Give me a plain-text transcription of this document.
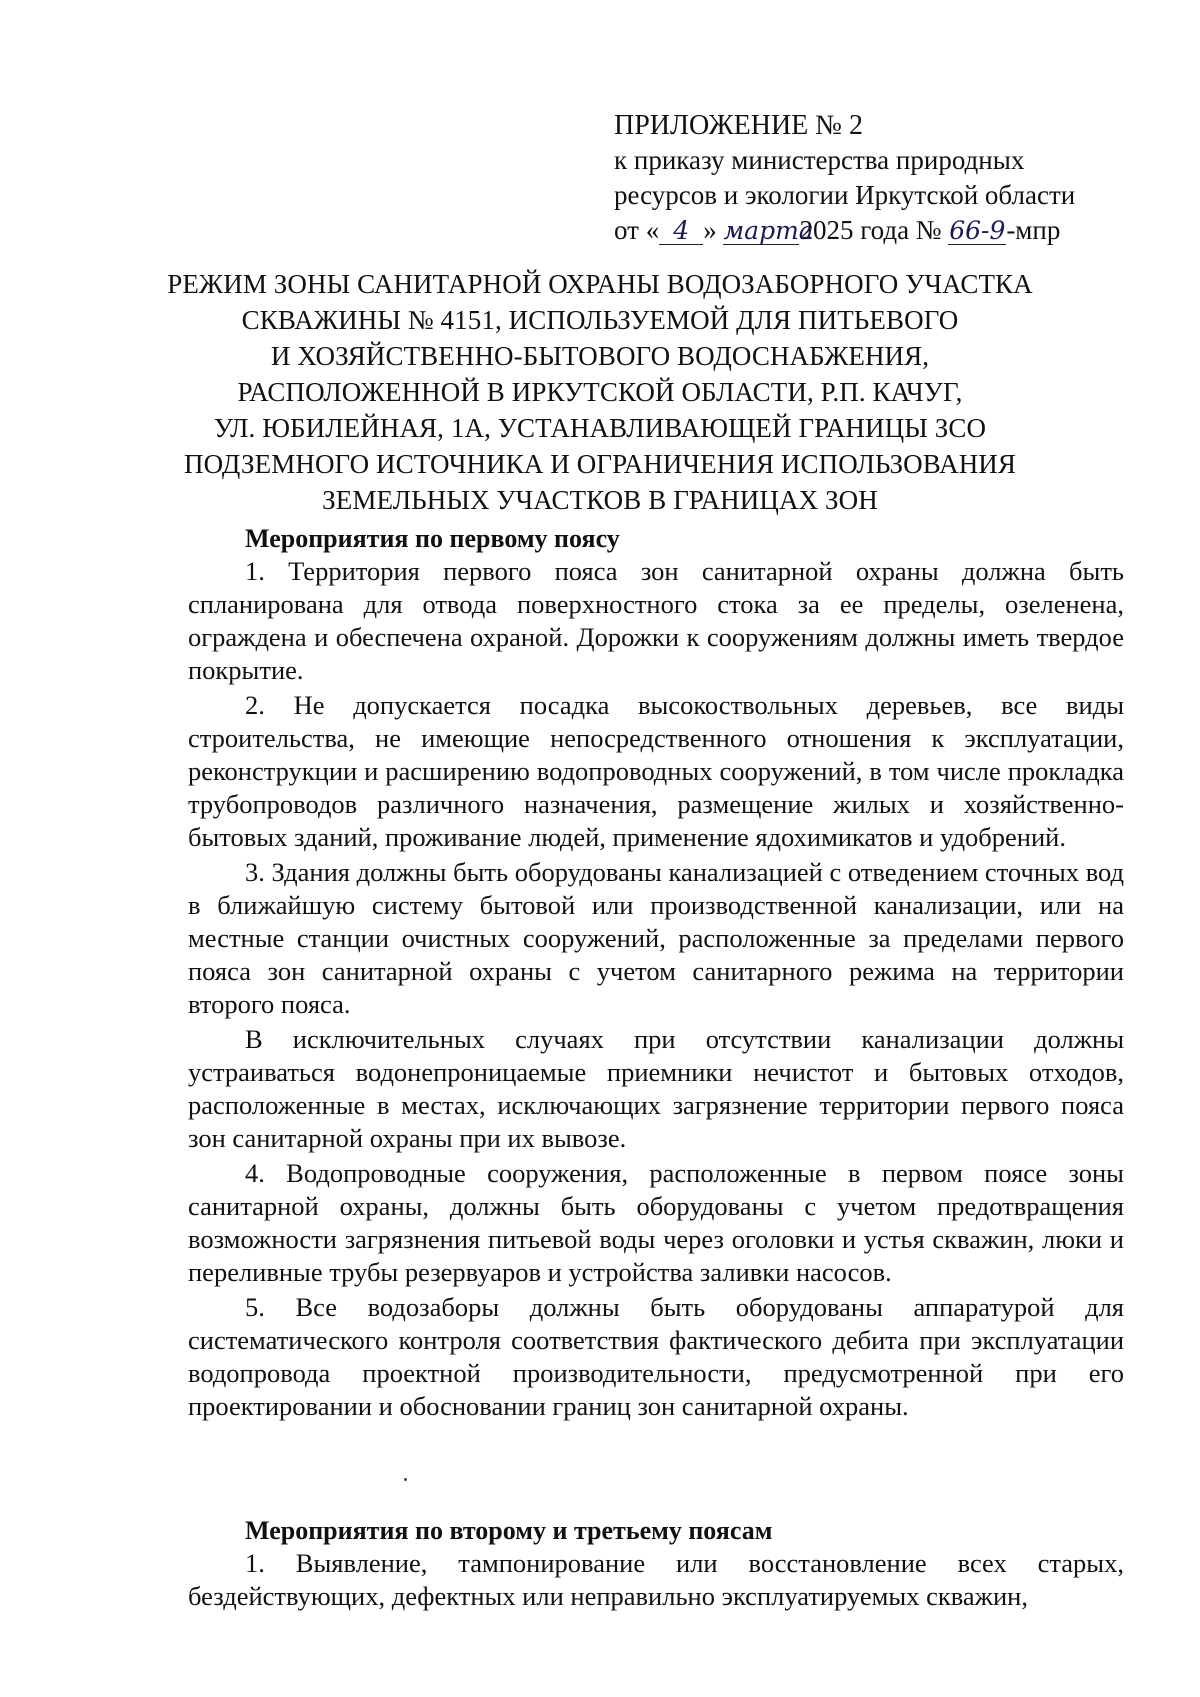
ПРИЛОЖЕНИЕ № 2
к приказу министерства природных
ресурсов и экологии Иркутской области
от « 4 » марта2025 года № 66-9-мпр
РЕЖИМ ЗОНЫ САНИТАРНОЙ ОХРАНЫ ВОДОЗАБОРНОГО УЧАСТКА
СКВАЖИНЫ № 4151, ИСПОЛЬЗУЕМОЙ ДЛЯ ПИТЬЕВОГО
И ХОЗЯЙСТВЕННО-БЫТОВОГО ВОДОСНАБЖЕНИЯ,
РАСПОЛОЖЕННОЙ В ИРКУТСКОЙ ОБЛАСТИ, Р.П. КАЧУГ,
УЛ. ЮБИЛЕЙНАЯ, 1А, УСТАНАВЛИВАЮЩЕЙ ГРАНИЦЫ ЗСО
ПОДЗЕМНОГО ИСТОЧНИКА И ОГРАНИЧЕНИЯ ИСПОЛЬЗОВАНИЯ
ЗЕМЕЛЬНЫХ УЧАСТКОВ В ГРАНИЦАХ ЗОН
Мероприятия по первому поясу

1. Территория первого пояса зон санитарной охраны должна быть спланирована для отвода поверхностного стока за ее пределы, озеленена, ограждена и обеспечена охраной. Дорожки к сооружениям должны иметь твердое покрытие.

2. Не допускается посадка высокоствольных деревьев, все виды строительства, не имеющие непосредственного отношения к эксплуатации, реконструкции и расширению водопроводных сооружений, в том числе прокладка трубопроводов различного назначения, размещение жилых и хозяйственно-бытовых зданий, проживание людей, применение ядохимикатов и удобрений.

3. Здания должны быть оборудованы канализацией с отведением сточных вод в ближайшую систему бытовой или производственной канализации, или на местные станции очистных сооружений, расположенные за пределами первого пояса зон санитарной охраны с учетом санитарного режима на территории второго пояса.

В исключительных случаях при отсутствии канализации должны устраиваться водонепроницаемые приемники нечистот и бытовых отходов, расположенные в местах, исключающих загрязнение территории первого пояса зон санитарной охраны при их вывозе.

4. Водопроводные сооружения, расположенные в первом поясе зоны санитарной охраны, должны быть оборудованы с учетом предотвращения возможности загрязнения питьевой воды через оголовки и устья скважин, люки и переливные трубы резервуаров и устройства заливки насосов.

5. Все водозаборы должны быть оборудованы аппаратурой для систематического контроля соответствия фактического дебита при эксплуатации водопровода проектной производительности, предусмотренной при его проектировании и обосновании границ зон санитарной охраны.

Мероприятия по второму и третьему поясам

1. Выявление, тампонирование или восстановление всех старых, бездействующих, дефектных или неправильно эксплуатируемых скважин,
